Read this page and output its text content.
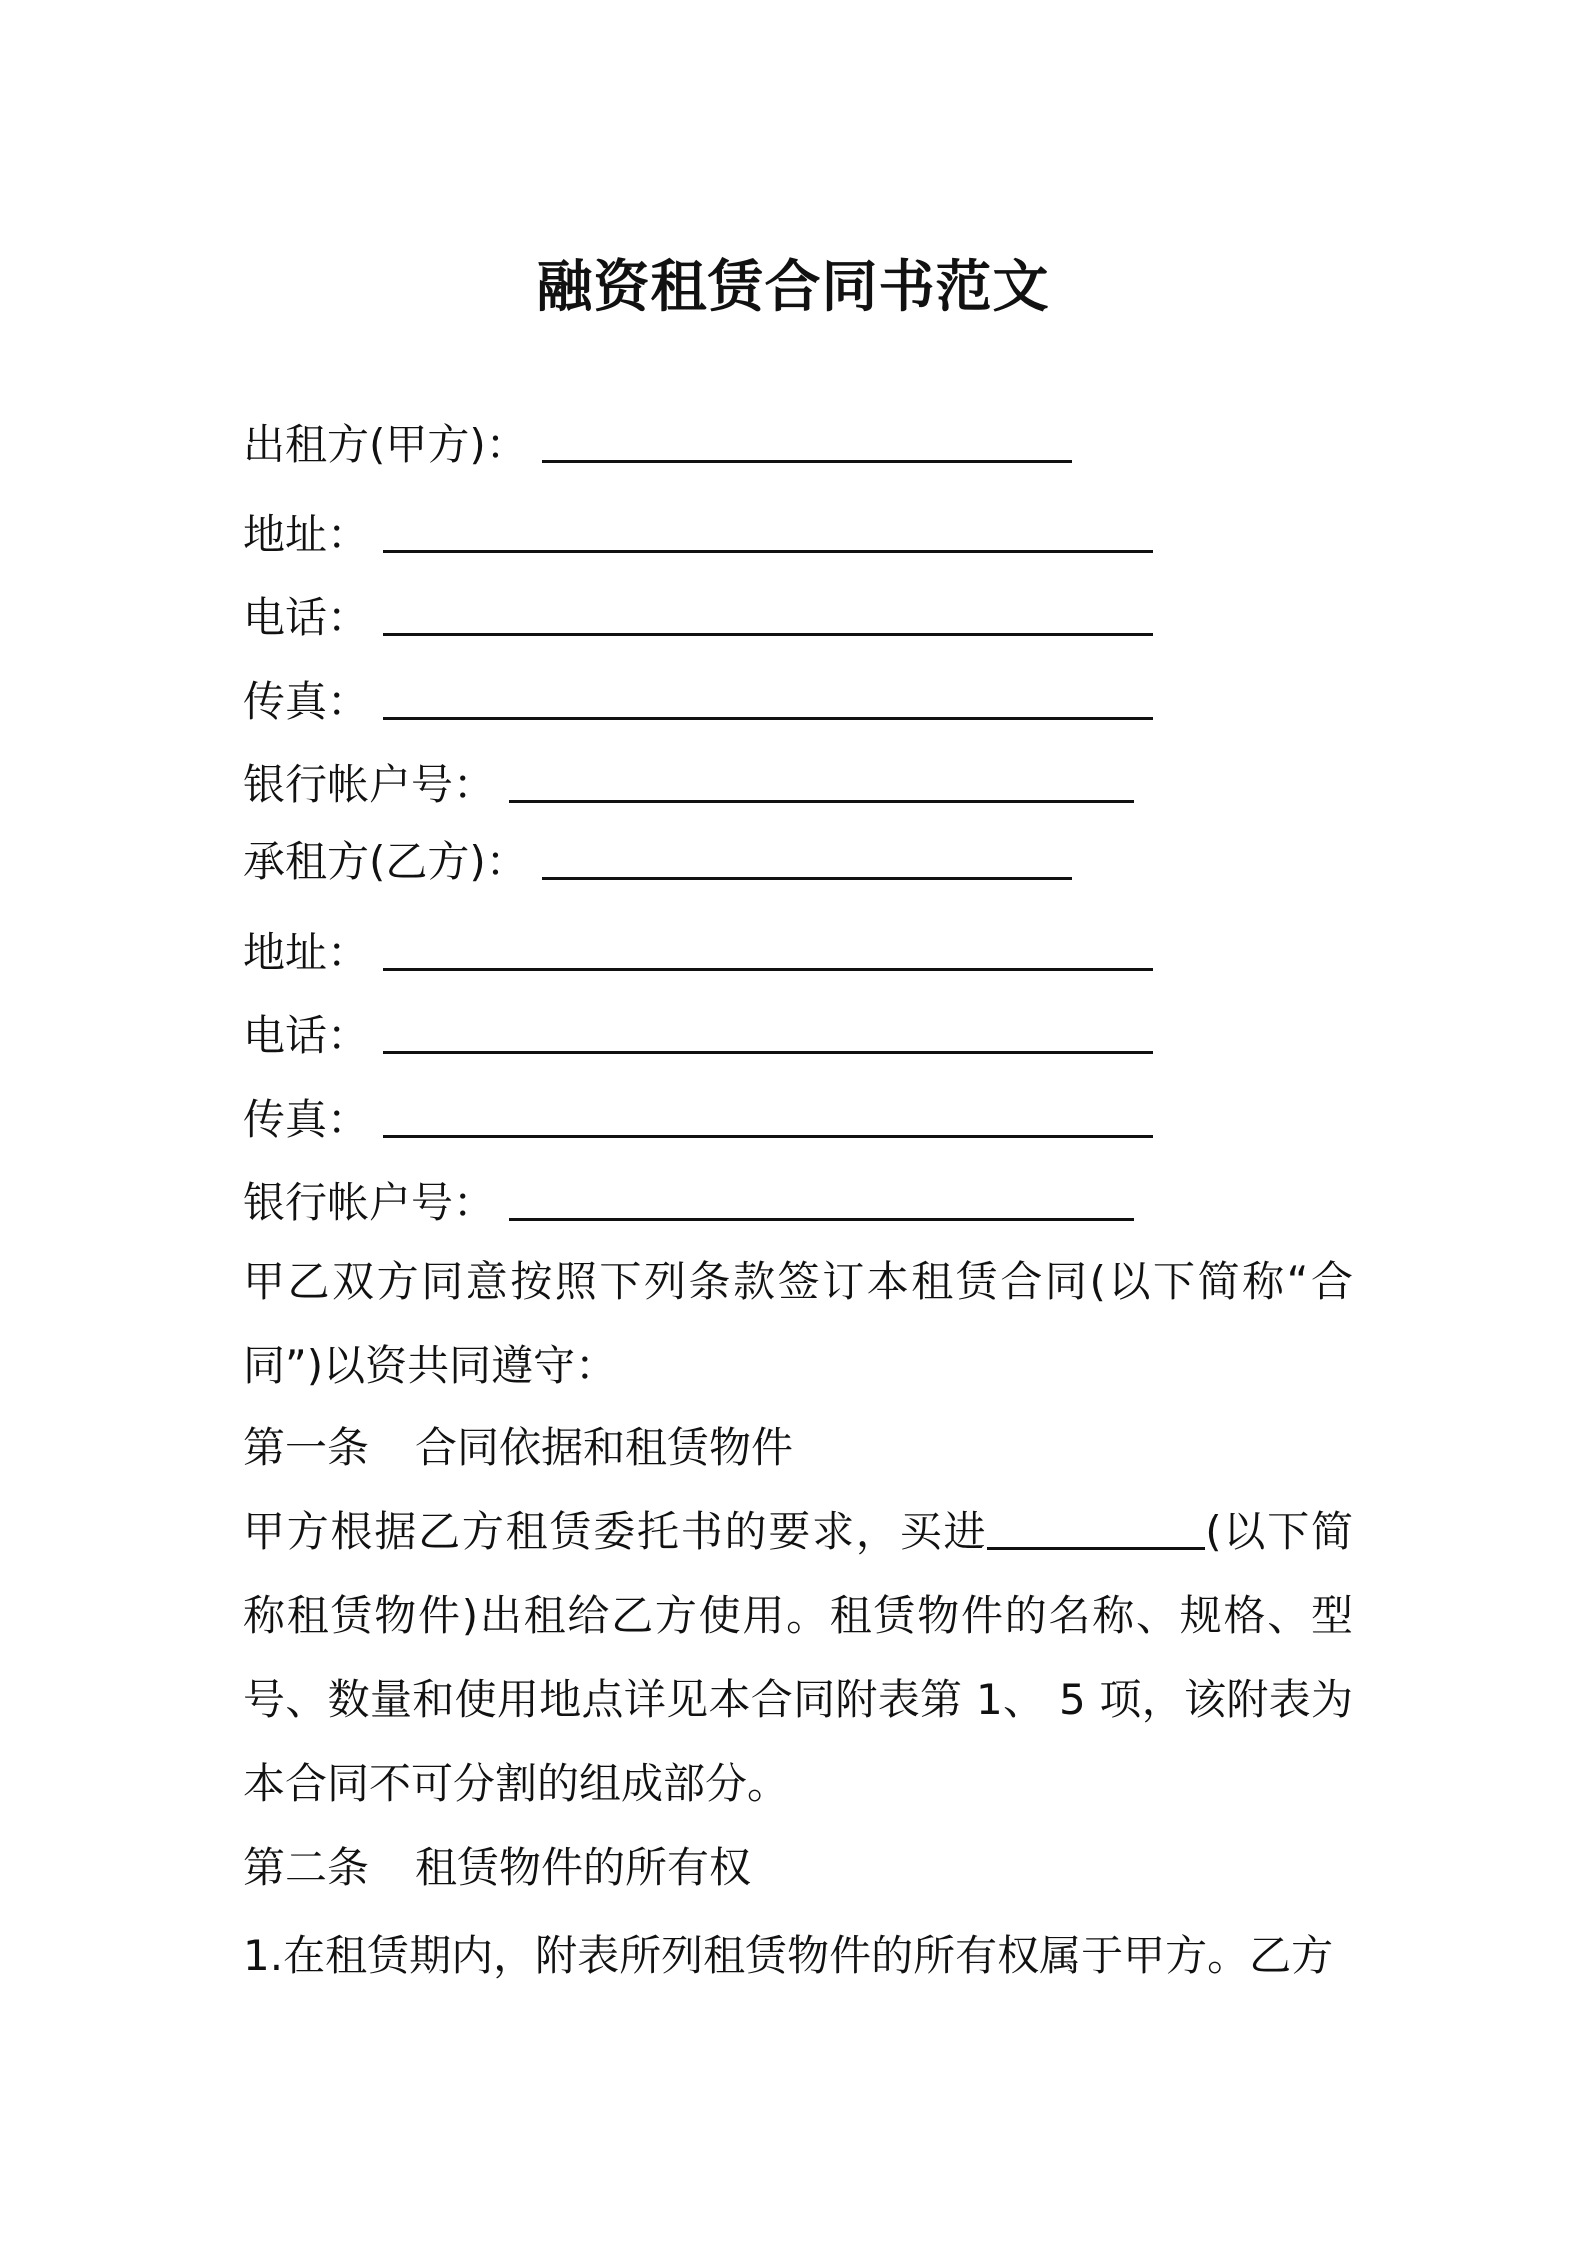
融资租赁合同书范文
出租方(甲方)：
地址：
电话：
传真：
银行帐户号：
承租方(乙方)：
地址：
电话：
传真：
银行帐户号：
甲乙双方同意按照下列条款签订本租赁合同(以下简称“合同”)以资共同遵守：
第一条 合同依据和租赁物件
甲方根据乙方租赁委托书的要求，买进	(以下简称租赁物件)出租给乙方使用。租赁物件的名称、规格、型号、数量和使用地点详见本合同附表第 1、 5 项，该附表为本合同不可分割的组成部分。
第二条 租赁物件的所有权
1.在租赁期内，附表所列租赁物件的所有权属于甲方。乙方
